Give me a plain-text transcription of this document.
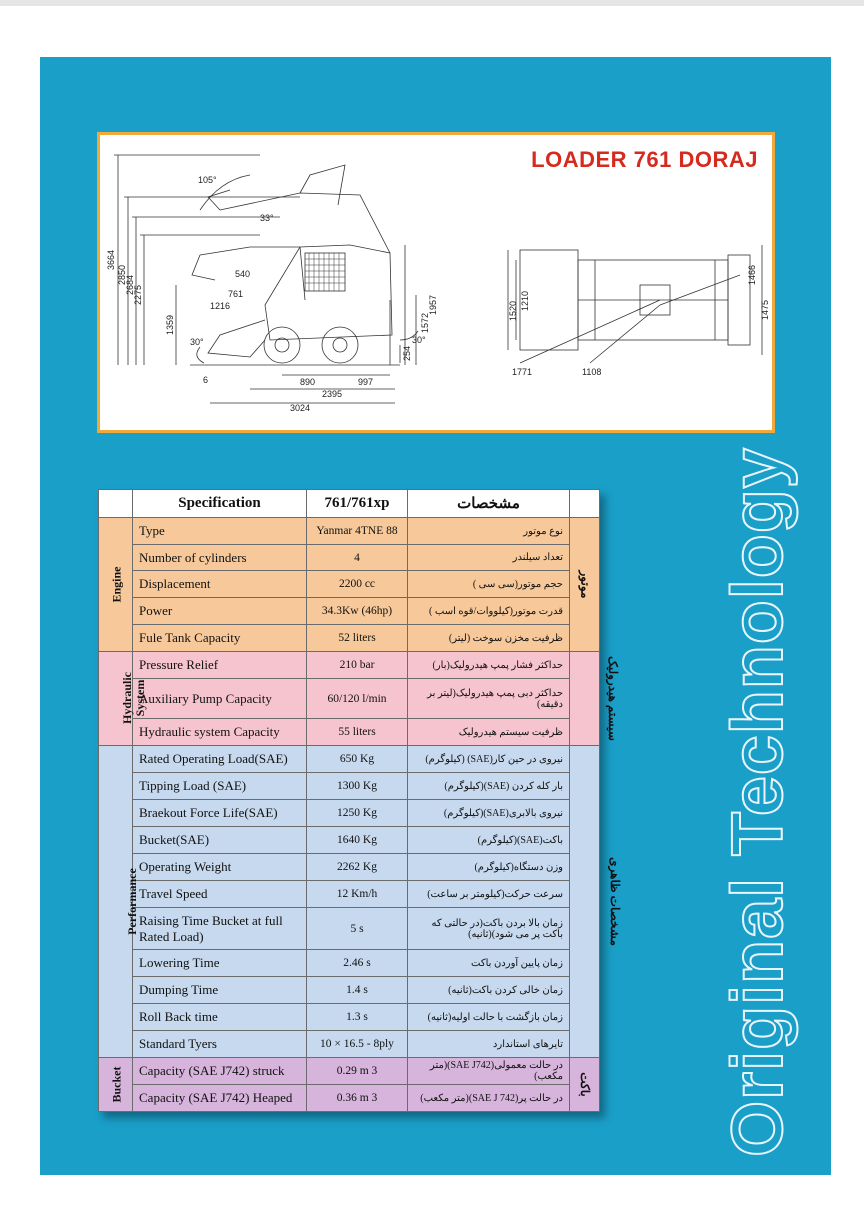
LOADER 761 DORAJ
3664
2850
2684
2275
1359
105°
33°
30°	30°
540
761
1216	1957
1572
254
6	890	997
2395
3024
1520 1210
1466
1475
1771	1108
	Specification	761/761xp	مشخصات	
Engine	Type	Yanmar 4TNE 88	نوع موتور	موتور
	Number of cylinders	4	تعداد سیلندر	
	Displacement	2200 cc	حجم موتور(سی سی )	
	Power	34.3Kw (46hp)	قدرت موتور(کیلووات/قوه اسب )	
	Fule Tank Capacity	52 liters	ظرفیت مخزن سوخت (لیتر)	
Hydraulic System	Pressure Relief	210 bar	حداکثر فشار پمپ هیدرولیک(بار)	سیستم هیدرولیک
	Auxiliary Pump Capacity	60/120 l/min	حداکثر دبی پمپ هیدرولیک(لیتر بر دقیقه)	
	Hydraulic system Capacity	55 liters	ظرفیت سیستم هیدرولیک	
Performance	Rated Operating Load(SAE)	650 Kg	نیروی در حین کار(SAE) (کیلوگرم)	مشخصات ظاهری
	Tipping Load (SAE)	1300 Kg	بار کله کردن (SAE)(کیلوگرم)	
	Braekout Force Life(SAE)	1250 Kg	نیروی بالابری(SAE)(کیلوگرم)	
	Bucket(SAE)	1640 Kg	باکت(SAE)(کیلوگرم)	
	Operating Weight	2262 Kg	وزن دستگاه(کیلوگرم)	
	Travel Speed	12 Km/h	سرعت حرکت(کیلومتر بر ساعت)	
	Raising Time Bucket at full Rated Load)	5 s	زمان بالا بردن باکت(در حالتی که باکت پر می شود)(ثانیه)	
	Lowering Time	2.46 s	زمان پایین آوردن باکت	
	Dumping Time	1.4 s	زمان خالی کردن باکت(ثانیه)	
	Roll Back time	1.3 s	زمان بازگشت با حالت اولیه(ثانیه)	
	Standard Tyers	10 × 16.5 - 8ply	تایرهای استاندارد	
Bucket	Capacity (SAE J742) struck	0.29 m 3	در حالت معمولی(SAE J742)(متر مکعب)	باکت
	Capacity (SAE J742) Heaped	0.36 m 3	در حالت پر(SAE J 742)(متر مکعب)	Original Technology
